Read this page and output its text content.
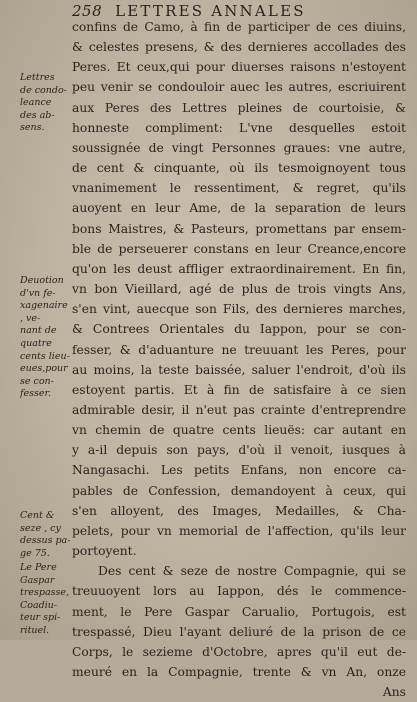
258 LETTRES ANNALES
Lettres
de condo-
leance
des ab-
sens.
Deuotion
d'vn fe-
xagenaire
, ve-
nant de
quatre
cents lieu-
eues,pour
se con-
fesser.
Cent &
seze , cy
dessus pa-
ge 75.
Le Pere
Gaspar
trespasse,
Coadiu-
teur spi-
rituel.
confins de Camo, à fin de participer de ces diuins,
& celestes presens, & des dernieres accollades des
Peres. Et ceux,qui pour diuerses raisons n'estoyent
peu venir se condouloir auec les autres, escriuirent
aux Peres des Lettres pleines de courtoisie, &
honneste compliment: L'vne desquelles estoit
soussignée de vingt Personnes graues: vne autre,
de cent & cinquante, où ils tesmoignoyent tous
vnanimement le ressentiment, & regret, qu'ils
auoyent en leur Ame, de la separation de leurs
bons Maistres, & Pasteurs, promettans par ensem-
ble de perseuerer constans en leur Creance,encore
qu'on les deust affliger extraordinairement. En fin,
vn bon Vieillard, agé de plus de trois vingts Ans,
s'en vint, auecque son Fils, des dernieres marches,
& Contrees Orientales du Iappon, pour se con-
fesser, & d'aduanture ne treuuant les Peres, pour
au moins, la teste baissée, saluer l'endroit, d'où ils
estoyent partis. Et à fin de satisfaire à ce sien
admirable desir, il n'eut pas crainte d'entreprendre
vn chemin de quatre cents lieuës: car autant en
y a-il depuis son pays, d'où il venoit, iusques à
Nangasachi. Les petits Enfans, non encore ca-
pables de Confession, demandoyent à ceux, qui
s'en alloyent, des Images, Medailles, & Cha-
pelets, pour vn memorial de l'affection, qu'ils leur
portoyent.
Des cent & seze de nostre Compagnie, qui se
treuuoyent lors au Iappon, dés le commence-
ment, le Pere Gaspar Carualio, Portugois, est
trespassé, Dieu l'ayant deliuré de la prison de ce
Corps, le sezieme d'Octobre, apres qu'il eut de-
meuré en la Compagnie, trente & vn An, onze
Ans
